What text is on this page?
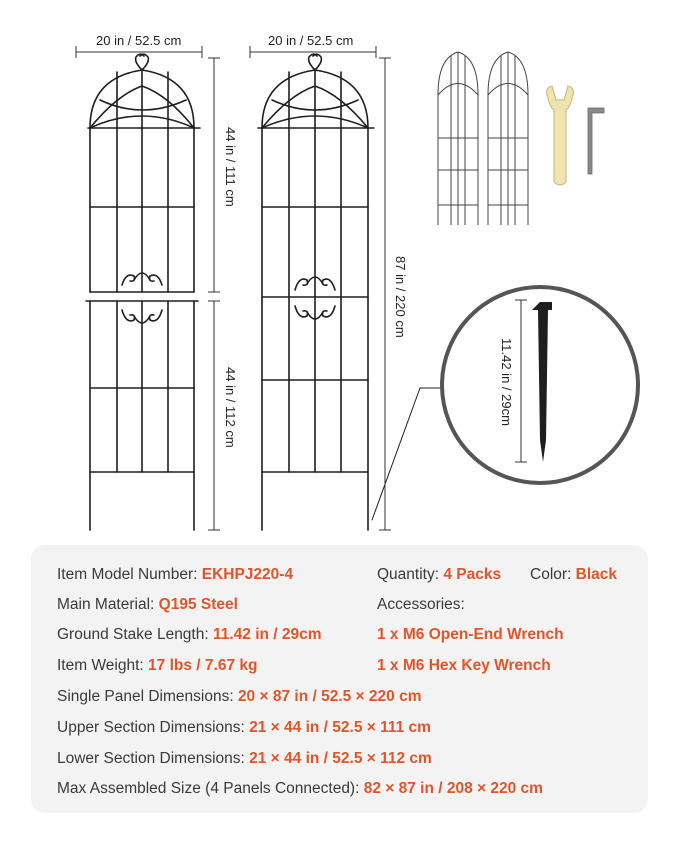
20 in / 52.5 cm	20 in / 52.5 cm
44 in / 111 cm
44 in / 112 cm
87 in / 220 cm
11.42 in / 29cm
Item Model Number: EKHPJ220-4	Quantity: 4 Packs Color: Black
Main Material: Q195 Steel	Accessories:
Ground Stake Length: 11.42 in / 29cm	1 x M6 Open-End Wrench
Item Weight: 17 lbs / 7.67 kg	1 x M6 Hex Key Wrench
Single Panel Dimensions: 20 × 87 in / 52.5 × 220 cm
Upper Section Dimensions: 21 × 44 in / 52.5 × 111 cm
Lower Section Dimensions: 21 × 44 in / 52.5 × 112 cm
Max Assembled Size (4 Panels Connected): 82 × 87 in / 208 × 220 cm
